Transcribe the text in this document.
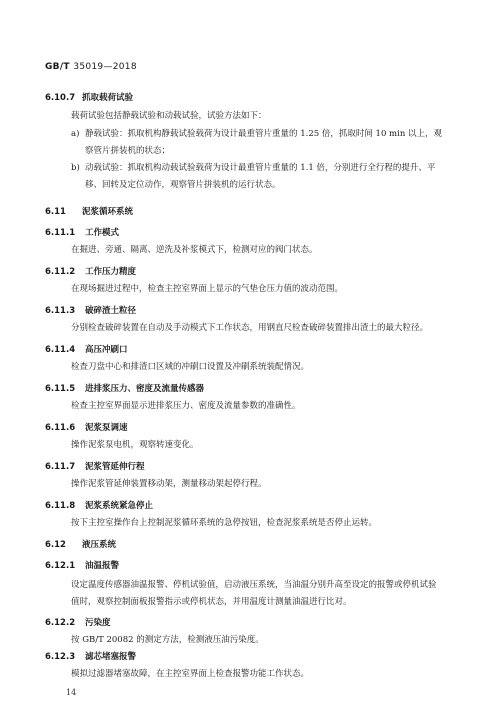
GB/T 35019—2018
6.10.7 抓取载荷试验
载荷试验包括静载试验和动载试验，试验方法如下：
a) 静载试验：抓取机构静载试验载荷为设计最重管片重量的 1.25 倍，抓取时间 10 min 以上，观
察管片拼装机的状态；
b) 动载试验：抓取机构动载试验载荷为设计最重管片重量的 1.1 倍，分别进行全行程的提升、平
移、回转及定位动作，观察管片拼装机的运行状态。
6.11 泥浆循环系统
6.11.1 工作模式
在掘进、旁通、隔离、逆洗及补浆模式下，检测对应的阀门状态。
6.11.2 工作压力精度
在现场掘进过程中，检查主控室界面上显示的气垫仓压力值的波动范围。
6.11.3 破碎渣土粒径
分别检查破碎装置在自动及手动模式下工作状态，用钢直尺检查破碎装置排出渣土的最大粒径。
6.11.4 高压冲刷口
检查刀盘中心和排渣口区域的冲刷口设置及冲刷系统装配情况。
6.11.5 进排浆压力、密度及流量传感器
检查主控室界面显示进排浆压力、密度及流量参数的准确性。
6.11.6 泥浆泵调速
操作泥浆泵电机，观察转速变化。
6.11.7 泥浆管延伸行程
操作泥浆管延伸装置移动架，测量移动架起停行程。
6.11.8 泥浆系统紧急停止
按下主控室操作台上控制泥浆循环系统的急停按钮，检查泥浆系统是否停止运转。
6.12 液压系统
6.12.1 油温报警
设定温度传感器油温报警、停机试验值，启动液压系统，当油温分别升高至设定的报警或停机试验
值时，观察控制面板报警指示或停机状态，并用温度计测量油温进行比对。
6.12.2 污染度
按 GB/T 20082 的测定方法，检测液压油污染度。
6.12.3 滤芯堵塞报警
模拟过滤器堵塞故障，在主控室界面上检查报警功能工作状态。
14
